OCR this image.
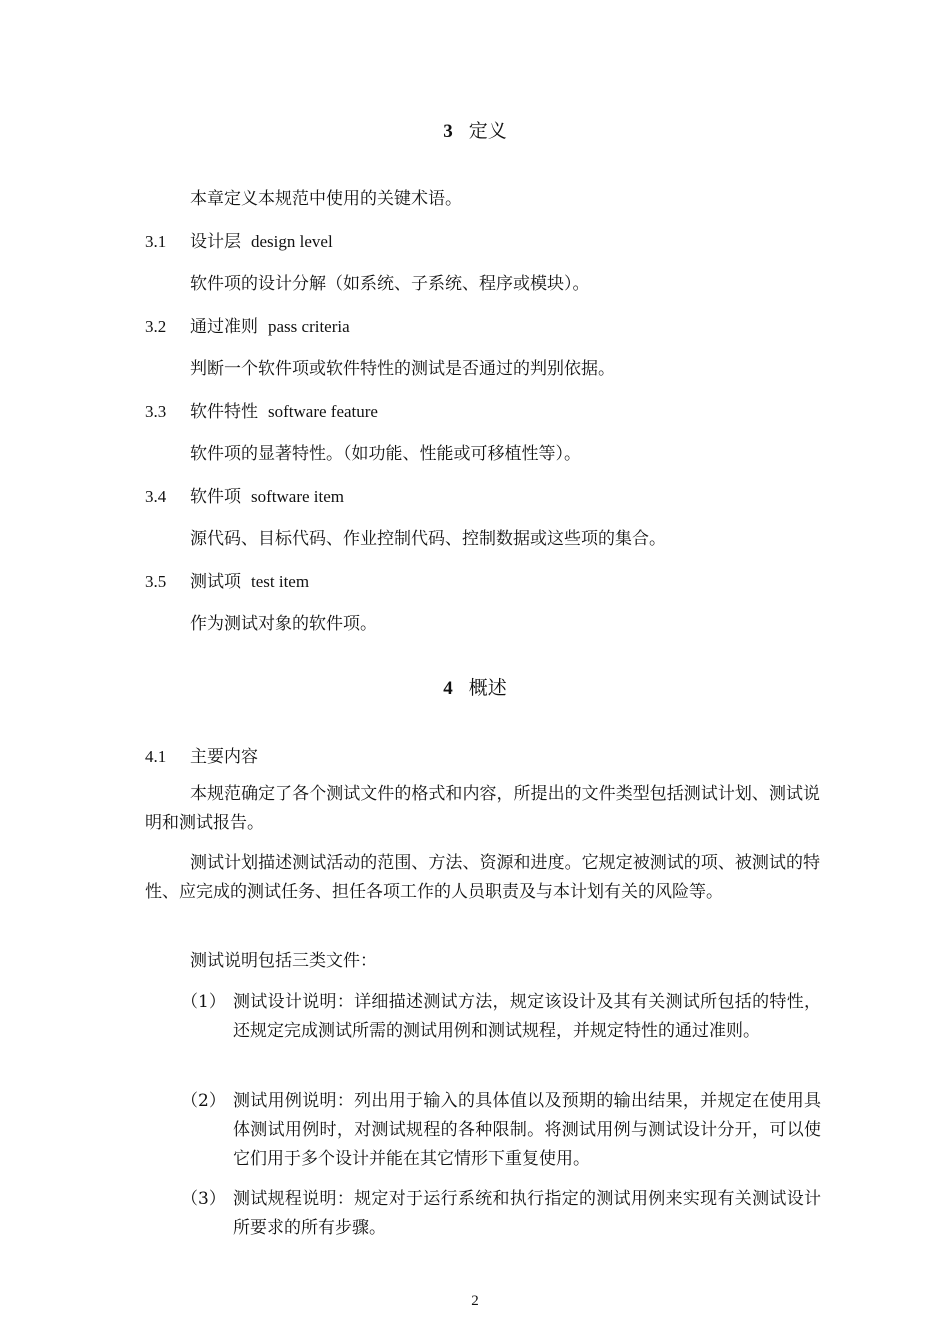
3 定义
本章定义本规范中使用的关键术语。
3.1 设计层 design level
软件项的设计分解（如系统、子系统、程序或模块）。
3.2 通过准则 pass criteria
判断一个软件项或软件特性的测试是否通过的判别依据。
3.3 软件特性 software feature
软件项的显著特性。（如功能、性能或可移植性等）。
3.4 软件项 software item
源代码、目标代码、作业控制代码、控制数据或这些项的集合。
3.5 测试项 test item
作为测试对象的软件项。
4 概述
4.1 主要内容
本规范确定了各个测试文件的格式和内容，所提出的文件类型包括测试计划、测试说明和测试报告。
测试计划描述测试活动的范围、方法、资源和进度。它规定被测试的项、被测试的特性、应完成的测试任务、担任各项工作的人员职责及与本计划有关的风险等。
测试说明包括三类文件：
（1） 测试设计说明：详细描述测试方法，规定该设计及其有关测试所包括的特性，还规定完成测试所需的测试用例和测试规程，并规定特性的通过准则。
（2） 测试用例说明：列出用于输入的具体值以及预期的输出结果，并规定在使用具体测试用例时，对测试规程的各种限制。将测试用例与测试设计分开，可以使它们用于多个设计并能在其它情形下重复使用。
（3） 测试规程说明：规定对于运行系统和执行指定的测试用例来实现有关测试设计所要求的所有步骤。
2
